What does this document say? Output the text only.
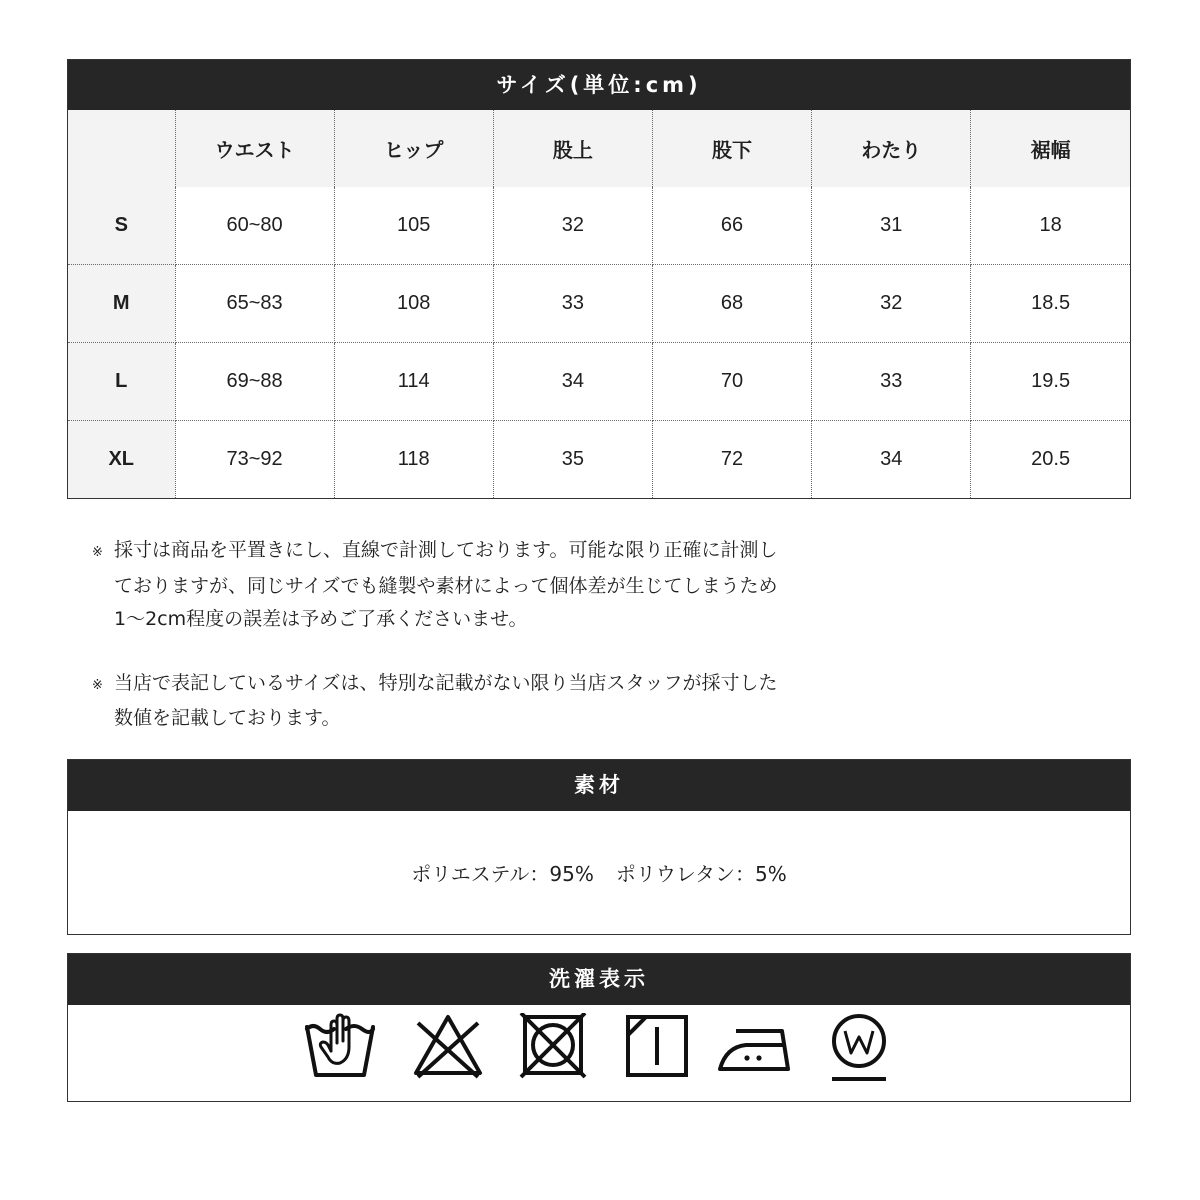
サイズ(単位:cm)
	ウエスト	ヒップ	股上	股下	わたり	裾幅
S	60~80	105	32	66	31	18
M	65~83	108	33	68	32	18.5
L	69~88	114	34	70	33	19.5
XL	73~92	118	35	72	34	20.5

※ 採寸は商品を平置きにし、直線で計測しております。可能な限り正確に計測し
ておりますが、同じサイズでも縫製や素材によって個体差が生じてしまうため
1〜2cm程度の誤差は予めご了承くださいませ。

※ 当店で表記しているサイズは、特別な記載がない限り当店スタッフが採寸した
数値を記載しております。

素材
ポリエステル：95% ポリウレタン：5%
洗濯表示
